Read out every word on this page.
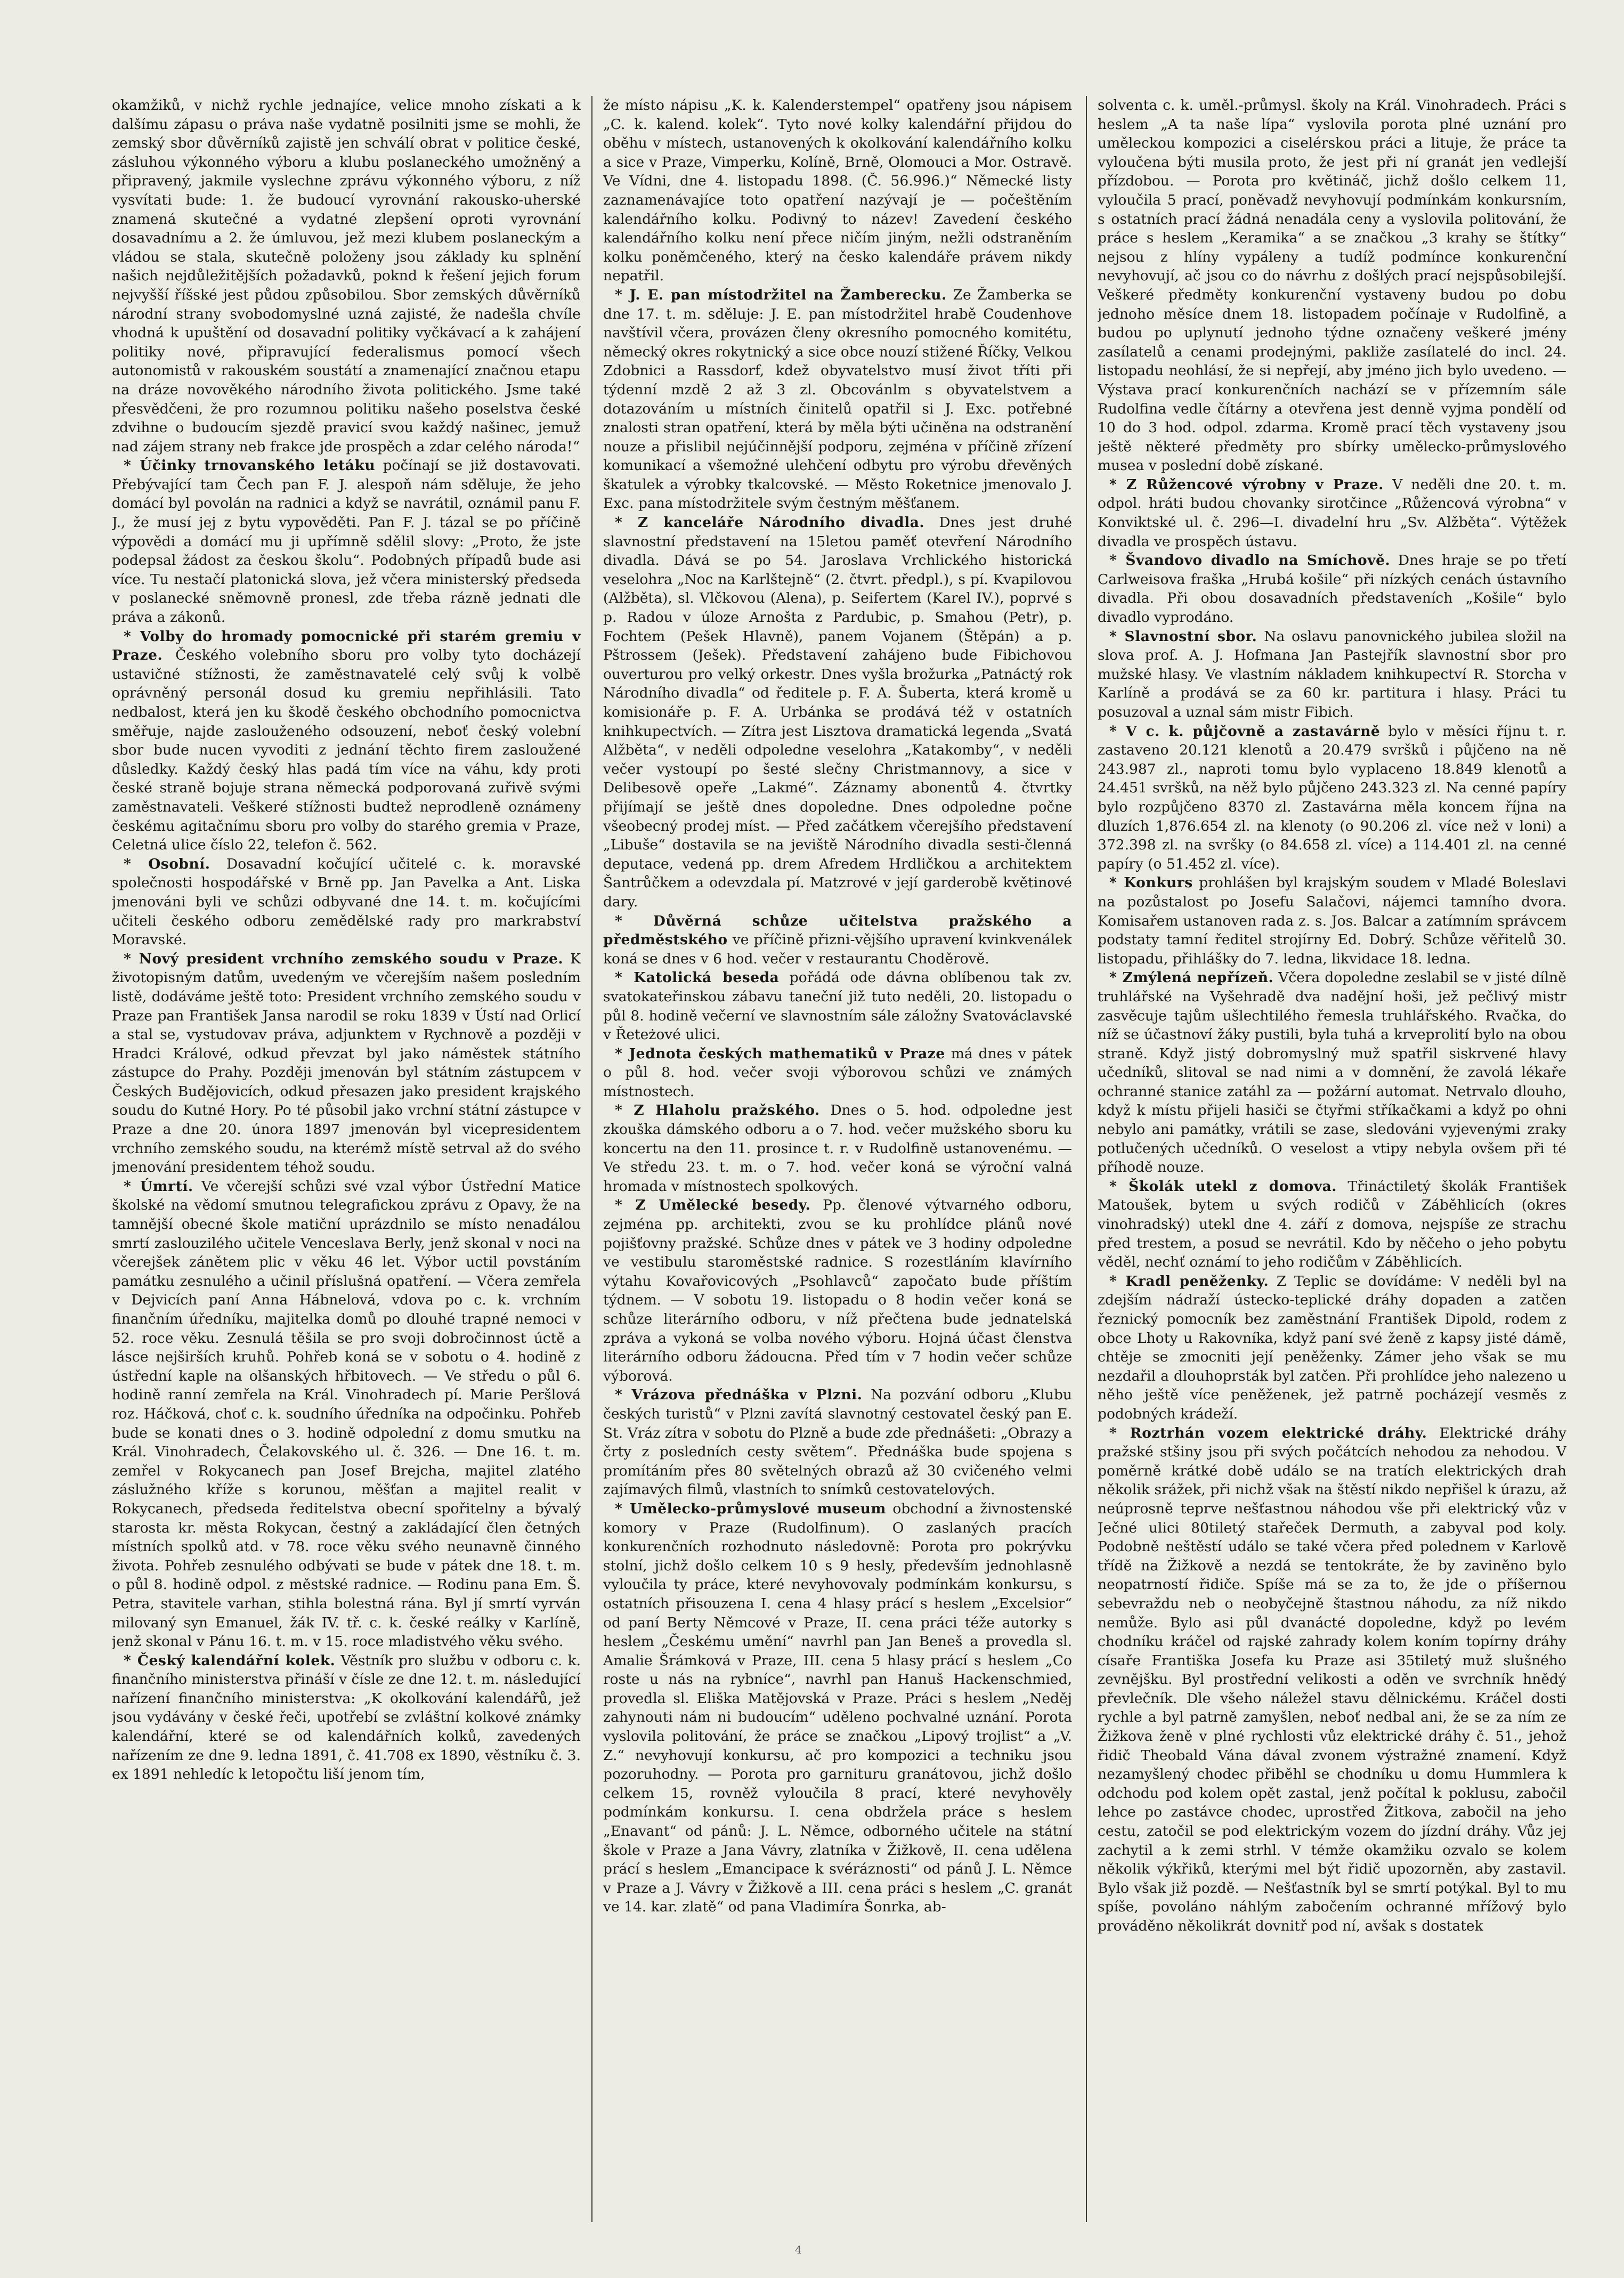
okamžiků, v nichž rychle jednajíce, velice mnoho získati a k dalšímu zápasu o práva naše vydatně posilniti jsme se mohli, že zemský sbor důvěrníků zajistě jen schválí obrat v politice české, zásluhou výkonného výboru a klubu poslaneckého umožněný a připravený, jakmile vyslechne zprávu výkonného výboru, z níž vysvítati bude: 1. že budoucí vyrovnání rakousko-uherské znamená skutečné a vydatné zlepšení oproti vyrovnání dosavadnímu a 2. že úmluvou, jež mezi klubem poslaneckým a vládou se stala, skutečně položeny jsou základy ku splnění našich nejdůležitějších požadavků, poknd k řešení jejich forum nejvyšší říšské jest půdou způsobilou. Sbor zemských důvěrníků národní strany svobodomyslné uzná zajisté, že nadešla chvíle vhodná k upuštění od dosavadní politiky vyčkávací a k zahájení politiky nové, připravující federalismus pomocí všech autonomistů v rakouském soustátí a znamenající značnou etapu na dráze novověkého národního života politického. Jsme také přesvědčeni, že pro rozumnou politiku našeho poselstva české zdvihne o budoucím sjezdě pravicí svou každý našinec, jemuž nad zájem strany neb frakce jde prospěch a zdar celého národa!“

* Účinky trnovanského letáku počínají se již dostavovati. Přebývající tam Čech pan F. J. alespoň nám sděluje, že jeho domácí byl povolán na radnici a když se navrátil, oznámil panu F. J., že musí jej z bytu vypověděti. Pan F. J. tázal se po příčině výpovědi a domácí mu ji upřímně sdělil slovy: „Proto, že jste podepsal žádost za českou školu“. Podobných případů bude asi více. Tu nestačí platonická slova, jež včera ministerský předseda v poslanecké sněmovně pronesl, zde třeba rázně jednati dle práva a zákonů.

* Volby do hromady pomocnické při starém gremiu v Praze. Českého volebního sboru pro volby tyto docházejí ustavičné stížnosti, že zaměstnavatelé celý svůj k volbě oprávněný personál dosud ku gremiu nepřihlásili. Tato nedbalost, která jen ku škodě českého obchodního pomocnictva směřuje, najde zaslouženého odsouzení, neboť český volební sbor bude nucen vyvoditi z jednání těchto firem zasloužené důsledky. Každý český hlas padá tím více na váhu, kdy proti české straně bojuje strana německá podporovaná zuřivě svými zaměstnavateli. Veškeré stížnosti budtež neprodleně oznámeny českému agitačnímu sboru pro volby do starého gremia v Praze, Celetná ulice číslo 22, telefon č. 562.

* Osobní. Dosavadní kočující učitelé c. k. moravské společnosti hospodářské v Brně pp. Jan Pavelka a Ant. Liska jmenováni byli ve schůzi odbyvané dne 14. t. m. kočujícími učiteli českého odboru zemědělské rady pro markrabství Moravské.

* Nový president vrchního zemského soudu v Praze. K životopisným datům, uvedeným ve včerejším našem posledním listě, dodáváme ještě toto: President vrchního zemského soudu v Praze pan František Jansa narodil se roku 1839 v Ústí nad Orlicí a stal se, vystudovav práva, adjunktem v Rychnově a později v Hradci Králové, odkud převzat byl jako náměstek státního zástupce do Prahy. Později jmenován byl státním zástupcem v Českých Budějovicích, odkud přesazen jako president krajského soudu do Kutné Hory. Po té působil jako vrchní státní zástupce v Praze a dne 20. února 1897 jmenován byl vicepresidentem vrchního zemského soudu, na kterémž místě setrval až do svého jmenování presidentem téhož soudu.

* Úmrtí. Ve včerejší schůzi své vzal výbor Ústřední Matice školské na vědomí smutnou telegrafickou zprávu z Opavy, že na tamnější obecné škole matiční uprázdnilo se místo nenadálou smrtí zaslouzilého učitele Venceslava Berly, jenž skonal v noci na včerejšek zánětem plic v věku 46 let. Výbor uctil povstáním památku zesnulého a učinil příslušná opatření. — Včera zemřela v Dejvicích paní Anna Hábnelová, vdova po c. k. vrchním finančním úředníku, majitelka domů po dlouhé trapné nemoci v 52. roce věku. Zesnulá těšila se pro svoji dobročinnost úctě a lásce nejširších kruhů. Pohřeb koná se v sobotu o 4. hodině z ústřední kaple na olšanských hřbitovech. — Ve středu o půl 6. hodině ranní zemřela na Král. Vinohradech pí. Marie Peršlová roz. Háčková, choť c. k. soudního úředníka na odpočinku. Pohřeb bude se konati dnes o 3. hodině odpolední z domu smutku na Král. Vinohradech, Čelakovského ul. č. 326. — Dne 16. t. m. zemřel v Rokycanech pan Josef Brejcha, majitel zlatého záslužného kříže s korunou, měšťan a majitel realit v Rokycanech, předseda ředitelstva obecní spořitelny a bývalý starosta kr. města Rokycan, čestný a zakládající člen četných místních spolků atd. v 78. roce věku svého neunavně činného života. Pohřeb zesnulého odbývati se bude v pátek dne 18. t. m. o půl 8. hodině odpol. z městské radnice. — Rodinu pana Em. Š. Petra, stavitele varhan, stihla bolestná rána. Byl jí smrtí vyrván milovaný syn Emanuel, žák IV. tř. c. k. české reálky v Karlíně, jenž skonal v Pánu 16. t. m. v 15. roce mladistvého věku svého.

* Český kalendářní kolek. Věstník pro službu v odboru c. k. finančního ministerstva přináší v čísle ze dne 12. t. m. následující nařízení finančního ministerstva: „K okolkování kalendářů, jež jsou vydávány v české řeči, upotřebí se zvláštní kolkové známky kalendářní, které se od kalendářních kolků, zavedených nařízením ze dne 9. ledna 1891, č. 41.708 ex 1890, věstníku č. 3. ex 1891 nehledíc k letopočtu liší jenom tím,

že místo nápisu „K. k. Kalenderstempel“ opatřeny jsou nápisem „C. k. kalend. kolek“. Tyto nové kolky kalendářní přijdou do oběhu v místech, ustanovených k okolkování kalendářního kolku a sice v Praze, Vimperku, Kolíně, Brně, Olomouci a Mor. Ostravě. Ve Vídni, dne 4. listopadu 1898. (Č. 56.996.)“ Německé listy zaznamenávajíce toto opatření nazývají je — počeštěním kalendářního kolku. Podivný to název! Zavedení českého kalendářního kolku není přece ničím jiným, nežli odstraněním kolku poněmčeného, který na česko kalendáře právem nikdy nepatřil.

* J. E. pan místodržitel na Žamberecku. Ze Žamberka se dne 17. t. m. sděluje: J. E. pan místodržitel hrabě Coudenhove navštívil včera, provázen členy okresního pomocného komitétu, německý okres rokytnický a sice obce nouzí stižené Říčky, Velkou Zdobnici a Rassdorf, kdež obyvatelstvo musí život tříti při týdenní mzdě 2 až 3 zl. Obcovánlm s obyvatelstvem a dotazováním u místních činitelů opatřil si J. Exc. potřebné znalosti stran opatření, která by měla býti učiněna na odstranění nouze a přislibil nejúčinnější podporu, zejména v příčině zřízení komunikací a všemožné ulehčení odbytu pro výrobu dřevěných škatulek a výrobky tkalcovské. — Město Roketnice jmenovalo J. Exc. pana místodržitele svým čestným měšťanem.

* Z kanceláře Národního divadla. Dnes jest druhé slavnostní představení na 15letou paměť otevření Národního divadla. Dává se po 54. Jaroslava Vrchlického historická veselohra „Noc na Karlštejně“ (2. čtvrt. předpl.), s pí. Kvapilovou (Alžběta), sl. Vlčkovou (Alena), p. Seifertem (Karel IV.), poprvé s p. Radou v úloze Arnošta z Pardubic, p. Smahou (Petr), p. Fochtem (Pešek Hlavně), panem Vojanem (Štěpán) a p. Pštrossem (Ješek). Představení zahájeno bude Fibichovou ouverturou pro velký orkestr. Dnes vyšla brožurka „Patnáctý rok Národního divadla“ od ředitele p. F. A. Šuberta, která kromě u komisionáře p. F. A. Urbánka se prodává též v ostatních knihkupectvích. — Zítra jest Lisztova dramatická legenda „Svatá Alžběta“, v neděli odpoledne veselohra „Katakomby“, v neděli večer vystoupí po šesté slečny Christmannovy, a sice v Delibesově opeře „Lakmé“. Záznamy abonentů 4. čtvrtky přijímají se ještě dnes dopoledne. Dnes odpoledne počne všeobecný prodej míst. — Před začátkem včerejšího představení „Libuše“ dostavila se na jeviště Národního divadla sesti-členná deputace, vedená pp. drem Afredem Hrdličkou a architektem Šantrůčkem a odevzdala pí. Matzrové v její garderobě květinové dary.

* Důvěrná schůze učitelstva pražského a předměstského ve příčině přizni-vějšího upravení kvinkvenálek koná se dnes v 6 hod. večer v restaurantu Choděrově.

* Katolická beseda pořádá ode dávna oblíbenou tak zv. svatokateřinskou zábavu taneční již tuto neděli, 20. listopadu o půl 8. hodině večerní ve slavnostním sále záložny Svatováclavské v Řeteżové ulici.

* Jednota českých mathematiků v Praze má dnes v pátek o půl 8. hod. večer svoji výborovou schůzi ve známých místnostech.

* Z Hlaholu pražského. Dnes o 5. hod. odpoledne jest zkouška dámského odboru a o 7. hod. večer mužského sboru ku koncertu na den 11. prosince t. r. v Rudolfině ustanovenému. — Ve středu 23. t. m. o 7. hod. večer koná se výroční valná hromada v místnostech spolkových.

* Z Umělecké besedy. Pp. členové výtvarného odboru, zejména pp. architekti, zvou se ku prohlídce plánů nové pojišťovny pražské. Schůze dnes v pátek ve 3 hodiny odpoledne ve vestibulu staroměstské radnice. S rozestláním klavírního výtahu Kovařovicových „Psohlavců“ započato bude příštím týdnem. — V sobotu 19. listopadu o 8 hodin večer koná se schůze literárního odboru, v níž přečtena bude jednatelská zpráva a vykoná se volba nového výboru. Hojná účast členstva literárního odboru žádoucna. Před tím v 7 hodin večer schůze výborová.

* Vrázova přednáška v Plzni. Na pozvání odboru „Klubu českých turistů“ v Plzni zavítá slavnotný cestovatel český pan E. St. Vráz zítra v sobotu do Plzně a bude zde přednášeti: „Obrazy a črty z posledních cesty světem“. Přednáška bude spojena s promítáním přes 80 světelných obrazů až 30 cvičeného velmi zajímavých filmů, vlastních to snímků cestovatelových.

* Umělecko-průmyslové museum obchodní a živnostenské komory v Praze (Rudolfinum). O zaslaných pracích konkurenčních rozhodnuto následovně: Porota pro pokrývku stolní, jichž došlo celkem 10 s 9 hesly, především jednohlasně vyloučila ty práce, které nevyhovovaly podmínkám konkursu, s ostatních přisouzena I. cena 4 hlasy prácí s heslem „Excelsior“ od paní Berty Němcové v Praze, II. cena práci téže autorky s heslem „Českému umění“ navrhl pan Jan Beneš a provedla sl. Amalie Šrámková v Praze, III. cena 5 hlasy prácí s heslem „Co roste u nás na rybníce“, navrhl pan Hanuš Hackenschmied, provedla sl. Eliška Matějovská v Praze. Práci s heslem „Neděj zahynouti nám ni budoucím“ uděleno pochvalné uznání. Porota vyslovila politování, že práce se značkou „Lipový trojlist“ a „V. Z.“ nevyhovují konkursu, ač pro kompozici a techniku jsou pozoruhodny. — Porota pro garnituru granátovou, jichž došlo celkem 15, rovněž vyloučila 8 prací, které nevyhověly podmínkám konkursu. I. cena obdržela práce s heslem „Enavant“ od pánů: J. L. Němce, odborného učitele na státní škole v Praze a Jana Vávry, zlatníka v Žižkově, II. cena udělena prácí s heslem „Emancipace k svéráznosti“ od pánů J. L. Němce v Praze a J. Vávry v Žižkově a III. cena práci s heslem „C. granát ve 14. kar. zlatě“ od pana Vladimíra Šonrka, ab-

solventa c. k. uměl.-průmysl. školy na Král. Vinohradech. Práci s heslem „A ta naše lípa“ vyslovila porota plné uznání pro uměleckou kompozici a ciselérskou práci a lituje, že práce ta vyloučena býti musila proto, že jest při ní granát jen vedlejší přízdobou. — Porota pro květináč, jichž došlo celkem 11, vyloučila 5 prací, poněvadž nevyhovují podmínkám konkursním, s ostatních prací žádná nenadála ceny a vyslovila politování, že práce s heslem „Keramika“ a se značkou „3 krahy se štítky“ nejsou z hlíny vypáleny a tudíž podmínce konkurenční nevyhovují, ač jsou co do návrhu z došlých prací nejspůsobilejší. Veškeré předměty konkurenční vystaveny budou po dobu jednoho měsíce dnem 18. listopadem počínaje v Rudolfině, a budou po uplynutí jednoho týdne označeny veškeré jmény zasílatelů a cenami prodejnými, pakliže zasílatelé do incl. 24. listopadu neohlásí, že si nepřejí, aby jméno jich bylo uvedeno. — Výstava prací konkurenčních nachází se v přízemním sále Rudolfina vedle čítárny a otevřena jest denně vyjma pondělí od 10 do 3 hod. odpol. zdarma. Kromě prací těch vystaveny jsou ještě některé předměty pro sbírky umělecko-průmyslového musea v poslední době získané.

* Z Růžencové výrobny v Praze. V neděli dne 20. t. m. odpol. hráti budou chovanky sirotčince „Růžencová výrobna“ v Konviktské ul. č. 296—I. divadelní hru „Sv. Alžběta“. Výtěžek divadla ve prospěch ústavu.

* Švandovo divadlo na Smíchově. Dnes hraje se po třetí Carlweisova fraška „Hrubá košile“ při nízkých cenách ústavního divadla. Při obou dosavadních představeních „Košile“ bylo divadlo vyprodáno.

* Slavnostní sbor. Na oslavu panovnického jubilea složil na slova prof. A. J. Hofmana Jan Pastejřík slavnostní sbor pro mužské hlasy. Ve vlastním nákladem knihkupectví R. Storcha v Karlíně a prodává se za 60 kr. partitura i hlasy. Práci tu posuzoval a uznal sám mistr Fibich.

* V c. k. půjčovně a zastavárně bylo v měsíci říjnu t. r. zastaveno 20.121 klenotů a 20.479 svršků i půjčeno na ně 243.987 zl., naproti tomu bylo vyplaceno 18.849 klenotů a 24.451 svršků, na něž bylo půjčeno 243.323 zl. Na cenné papíry bylo rozpůjčeno 8370 zl. Zastavárna měla koncem října na dluzích 1,876.654 zl. na klenoty (o 90.206 zl. více než v loni) a 372.398 zl. na svršky (o 84.658 zl. více) a 114.401 zl. na cenné papíry (o 51.452 zl. více).

* Konkurs prohlášen byl krajským soudem v Mladé Boleslavi na pozůstalost po Josefu Salačovi, nájemci tamního dvora. Komisařem ustanoven rada z. s. Jos. Balcar a zatímním správcem podstaty tamní ředitel strojírny Ed. Dobrý. Schůze věřitelů 30. listopadu, přihlášky do 7. ledna, likvidace 18. ledna.

* Zmýlená nepřízeň. Včera dopoledne zeslabil se v jisté dílně truhlářské na Vyšehradě dva nadějní hoši, jež pečlivý mistr zasvěcuje tajům ušlechtilého řemesla truhlářského. Rvačka, do níž se účastnoví žáky pustili, byla tuhá a krveprolití bylo na obou straně. Když jistý dobromyslný muž spatřil siskrvené hlavy učedníků, slitoval se nad nimi a v domnění, že zavolá lékaře ochranné stanice zatáhl za — požární automat. Netrvalo dlouho, když k místu přijeli hasiči se čtyřmi stříkačkami a když po ohni nebylo ani památky, vrátili se zase, sledováni vyjevenými zraky potlučených učedníků. O veselost a vtipy nebyla ovšem při té příhodě nouze.

* Školák utekl z domova. Třináctiletý školák František Matoušek, bytem u svých rodičů v Záběhlicích (okres vinohradský) utekl dne 4. září z domova, nejspíše ze strachu před trestem, a posud se nevrátil. Kdo by něčeho o jeho pobytu věděl, nechť oznámí to jeho rodičům v Záběhlicích.

* Kradl peněženky. Z Teplic se dovídáme: V neděli byl na zdejším nádraží ústecko-teplické dráhy dopaden a zatčen řeznický pomocník bez zaměstnání František Dipold, rodem z obce Lhoty u Rakovníka, když paní své ženě z kapsy jisté dámě, chtěje se zmocniti její peněženky. Zámer jeho však se mu nezdařil a dlouhoprsták byl zatčen. Při prohlídce jeho nalezeno u něho ještě více peněženek, jež patrně pocházejí vesměs z podobných krádeží.

* Roztrhán vozem elektrické dráhy. Elektrické dráhy pražské stšiny jsou při svých počátcích nehodou za nehodou. V poměrně krátké době událo se na tratích elektrických drah několik srážek, při nichž však na štěstí nikdo nepřišel k úrazu, až neúprosně teprve nešťastnou náhodou vše při elektrický vůz v Ječné ulici 80tiletý stařeček Dermuth, a zabyval pod koly. Podobně neštěstí událo se také včera před polednem v Karlově třídě na Žižkově a nezdá se tentokráte, že by zaviněno bylo neopatrností řidiče. Spíše má se za to, že jde o příšernou sebevraždu neb o neobyčejně štastnou náhodu, za níž nikdo nemůže. Bylo asi půl dvanácté dopoledne, když po levém chodníku kráčel od rajské zahrady kolem koním topírny dráhy císaře Františka Josefa ku Praze asi 35tiletý muž slušného zevnějšku. Byl prostřední velikosti a oděn ve svrchník hnědý převlečník. Dle všeho náležel stavu dělnickému. Kráčel dosti rychle a byl patrně zamyšlen, neboť nedbal ani, že se za ním ze Žižkova ženě v plné rychlosti vůz elektrické dráhy č. 51., jehož řidič Theobald Vána dával zvonem výstražné znamení. Když nezamyšlený chodec přiběhl se chodníku u domu Hummlera k odchodu pod kolem opět zastal, jenž počítal k poklusu, zabočil lehce po zastávce chodec, uprostřed Žitkova, zabočil na jeho cestu, zatočil se pod elektrickým vozem do jízdní dráhy. Vůz jej zachytil a k zemi strhl. V témže okamžiku ozvalo se kolem několik výkřiků, kterými mel být řidič upozorněn, aby zastavil. Bylo však již pozdě. — Nešťastník byl se smrtí potýkal. Byl to mu spíše, povoláno náhlým zabočením ochranné mřížový bylo prováděno několikrát dovnitř pod ní, avšak s dostatek

4
